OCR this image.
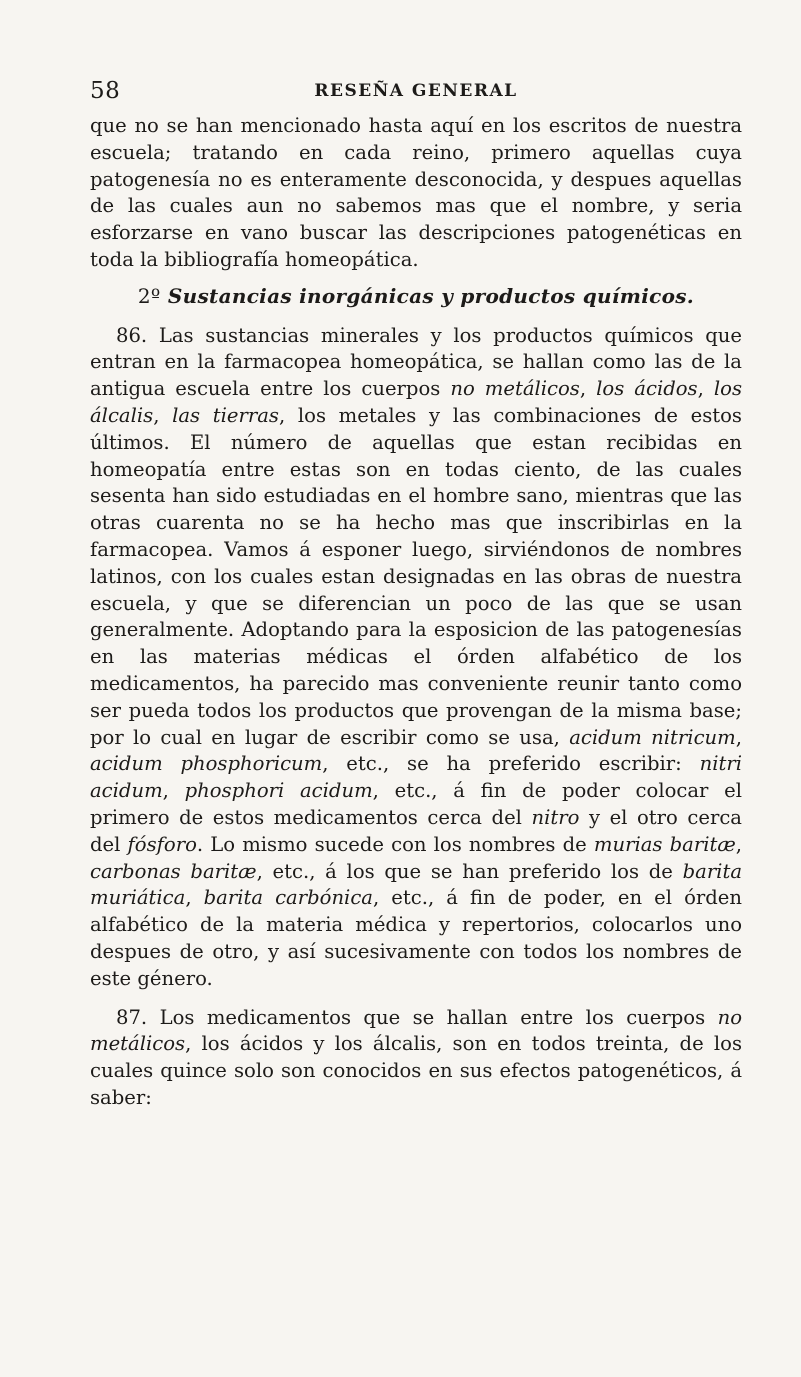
58	RESEÑA GENERAL

que no se han mencionado hasta aquí en los escritos de nuestra escuela; tratando en cada reino, primero aquellas cuya patogenesía no es enteramente desconocida, y despues aquellas de las cuales aun no sabemos mas que el nombre, y seria esforzarse en vano buscar las descripciones patogenéticas en toda la bibliografía homeopática.

2º Sustancias inorgánicas y productos químicos.

86. Las sustancias minerales y los productos químicos que entran en la farmacopea homeopática, se hallan como las de la antigua escuela entre los cuerpos no metálicos, los ácidos, los álcalis, las tierras, los metales y las combinaciones de estos últimos. El número de aquellas que estan recibidas en homeopatía entre estas son en todas ciento, de las cuales sesenta han sido estudiadas en el hombre sano, mientras que las otras cuarenta no se ha hecho mas que inscribirlas en la farmacopea. Vamos á esponer luego, sirviéndonos de nombres latinos, con los cuales estan designadas en las obras de nuestra escuela, y que se diferencian un poco de las que se usan generalmente. Adoptando para la esposicion de las patogenesías en las materias médicas el órden alfabético de los medicamentos, ha parecido mas conveniente reunir tanto como ser pueda todos los productos que provengan de la misma base; por lo cual en lugar de escribir como se usa, acidum nitricum, acidum phosphoricum, etc., se ha preferido escribir: nitri acidum, phosphori acidum, etc., á fin de poder colocar el primero de estos medicamentos cerca del nitro y el otro cerca del fósforo. Lo mismo sucede con los nombres de murias baritæ, carbonas baritæ, etc., á los que se han preferido los de barita muriática, barita carbónica, etc., á fin de poder, en el órden alfabético de la materia médica y repertorios, colocarlos uno despues de otro, y así sucesivamente con todos los nombres de este género.

87. Los medicamentos que se hallan entre los cuerpos no metálicos, los ácidos y los álcalis, son en todos treinta, de los cuales quince solo son conocidos en sus efectos patogenéticos, á saber:
